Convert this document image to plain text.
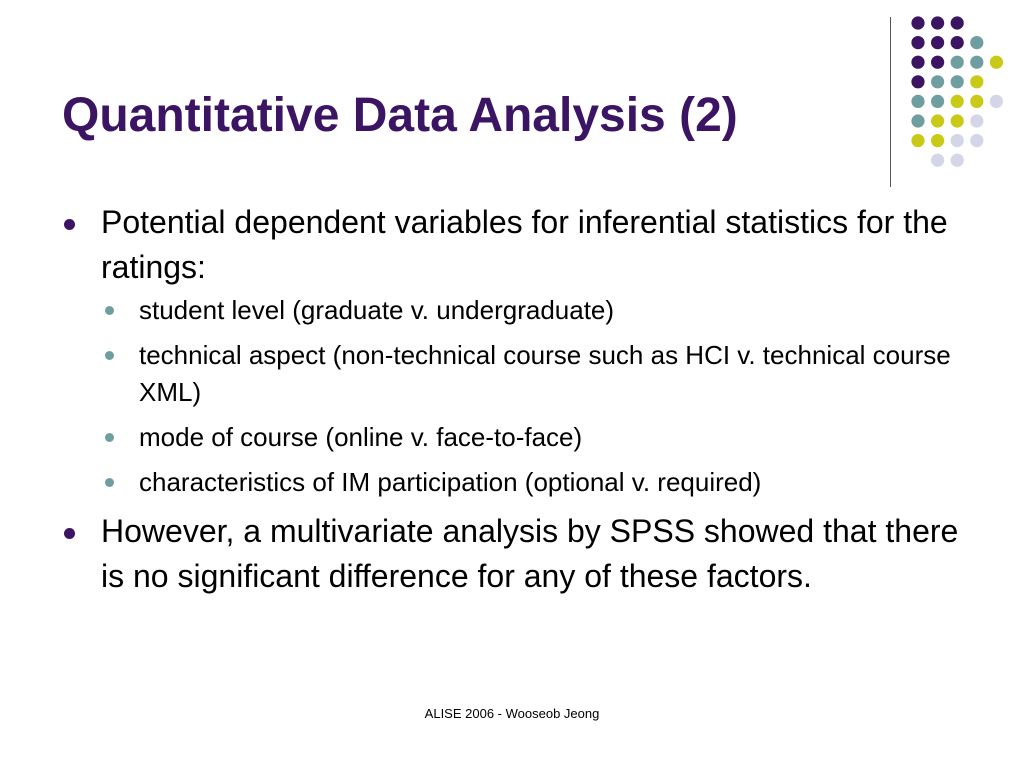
Quantitative Data Analysis (2)
Potential dependent variables for inferential statistics for the ratings:
student level (graduate v. undergraduate)
technical aspect (non-technical course such as HCI v. technical course XML)
mode of course (online v. face-to-face)
characteristics of IM participation (optional v. required)
However, a multivariate analysis by SPSS showed that there is no significant difference for any of these factors.
ALISE 2006 - Wooseob Jeong
